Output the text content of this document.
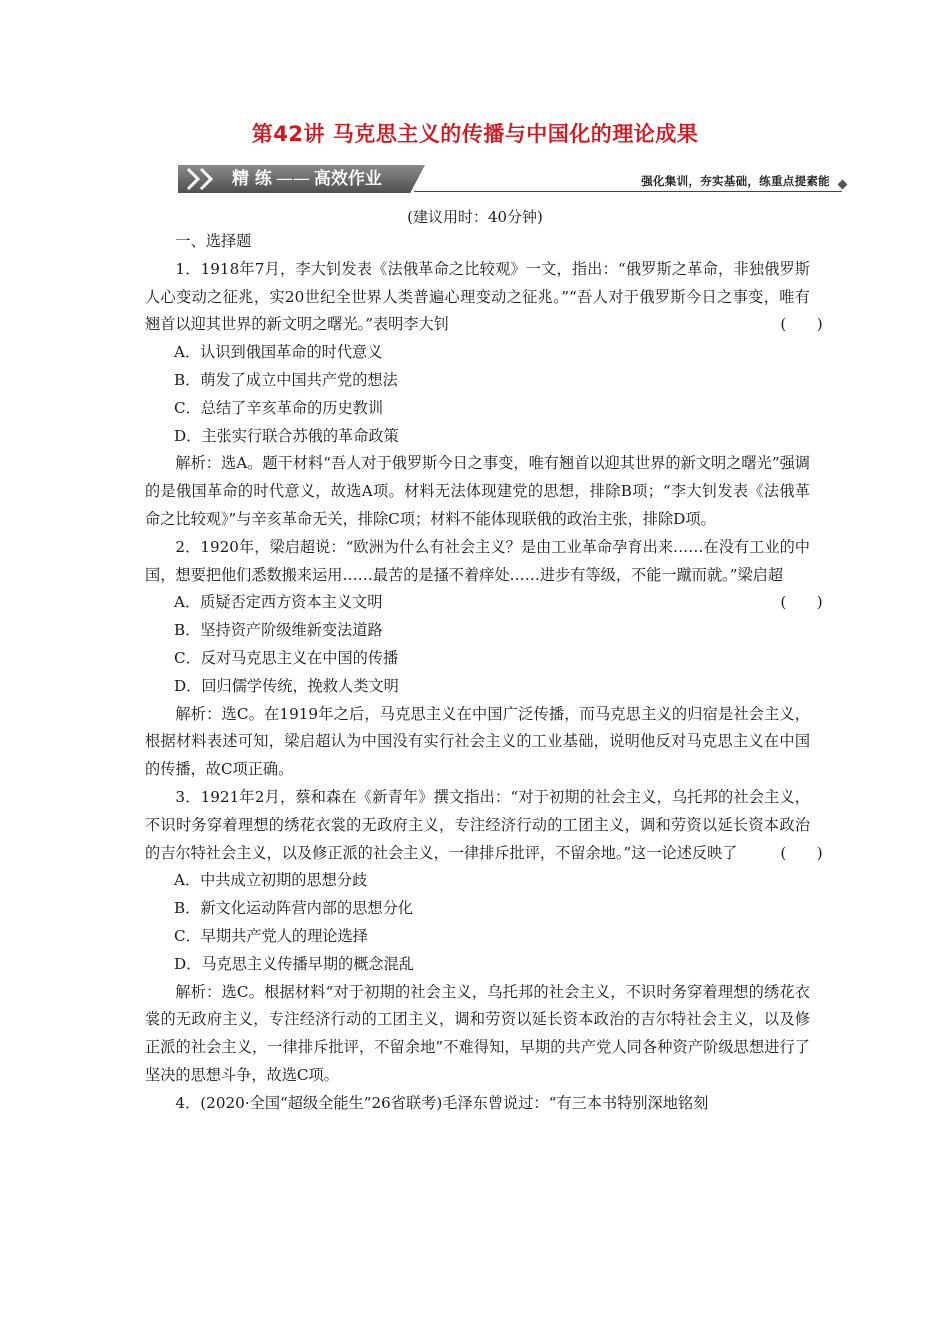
第42讲 马克思主义的传播与中国化的理论成果
精 练 —— 高效作业	强化集训，夯实基础，练重点提素能
(建议用时：40分钟)

一、选择题

1．1918年7月，李大钊发表《法俄革命之比较观》一文，指出：“俄罗斯之革命，非独俄罗斯人心变动之征兆，实20世纪全世界人类普遍心理变动之征兆。”“吾人对于俄罗斯今日之事变，唯有翘首以迎其世界的新文明之曙光。”表明李大钊	(　　)

A．认识到俄国革命的时代意义

B．萌发了成立中国共产党的想法

C．总结了辛亥革命的历史教训

D．主张实行联合苏俄的革命政策

解析：选A。题干材料“吾人对于俄罗斯今日之事变，唯有翘首以迎其世界的新文明之曙光”强调的是俄国革命的时代意义，故选A项。材料无法体现建党的思想，排除B项；“李大钊发表《法俄革命之比较观》”与辛亥革命无关，排除C项；材料不能体现联俄的政治主张，排除D项。

2．1920年，梁启超说：“欧洲为什么有社会主义？是由工业革命孕育出来……在没有工业的中国，想要把他们悉数搬来运用……最苦的是搔不着痒处……进步有等级，不能一蹴而就。”梁启超
(　　)

A．质疑否定西方资本主义文明

B．坚持资产阶级维新变法道路

C．反对马克思主义在中国的传播

D．回归儒学传统，挽救人类文明

解析：选C。在1919年之后，马克思主义在中国广泛传播，而马克思主义的归宿是社会主义，根据材料表述可知，梁启超认为中国没有实行社会主义的工业基础，说明他反对马克思主义在中国的传播，故C项正确。

3．1921年2月，蔡和森在《新青年》撰文指出：“对于初期的社会主义，乌托邦的社会主义，不识时务穿着理想的绣花衣裳的无政府主义，专注经济行动的工团主义，调和劳资以延长资本政治的吉尔特社会主义，以及修正派的社会主义，一律排斥批评，不留余地。”这一论述反映了	(　　)

A．中共成立初期的思想分歧

B．新文化运动阵营内部的思想分化

C．早期共产党人的理论选择

D．马克思主义传播早期的概念混乱

解析：选C。根据材料“对于初期的社会主义，乌托邦的社会主义，不识时务穿着理想的绣花衣裳的无政府主义，专注经济行动的工团主义，调和劳资以延长资本政治的吉尔特社会主义，以及修正派的社会主义，一律排斥批评，不留余地”不难得知，早期的共产党人同各种资产阶级思想进行了坚决的思想斗争，故选C项。

4．(2020·全国“超级全能生”26省联考)毛泽东曾说过：“有三本书特别深地铭刻
